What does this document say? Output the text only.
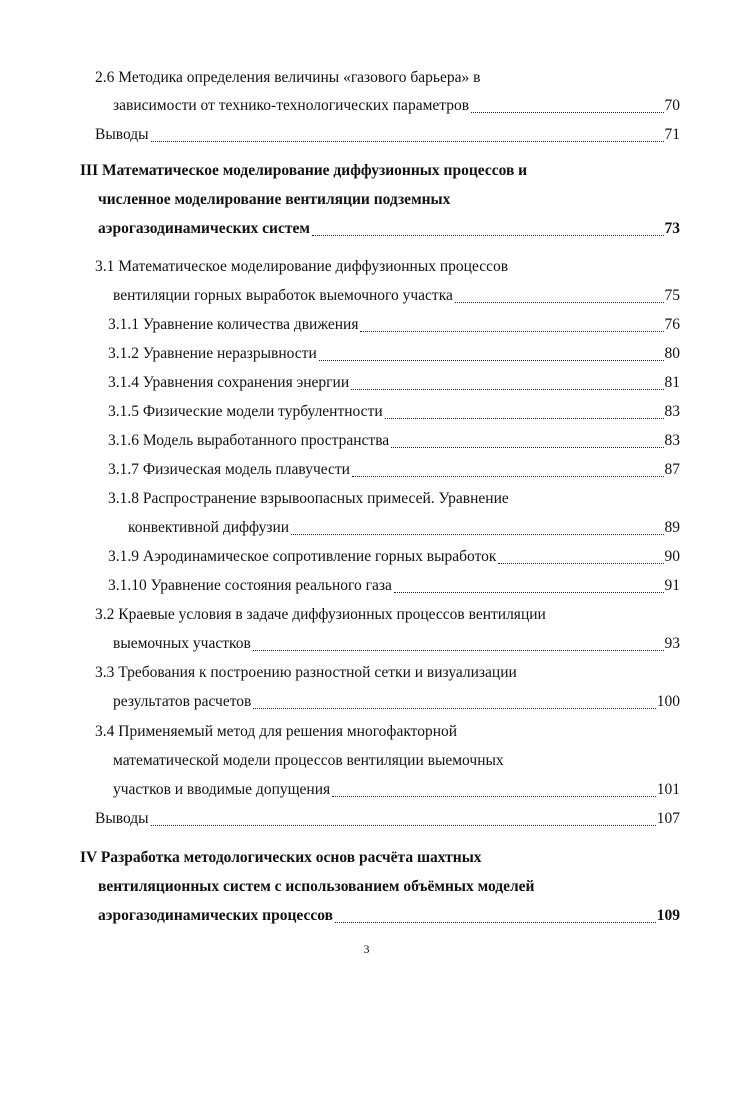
2.6 Методика определения величины «газового барьера» в
зависимости от технико-технологических параметров	70
Выводы	71
III Математическое моделирование диффузионных процессов и
численное моделирование вентиляции подземных
аэрогазодинамических систем	73
3.1 Математическое моделирование диффузионных процессов
вентиляции горных выработок выемочного участка	75
3.1.1 Уравнение количества движения	76
3.1.2 Уравнение неразрывности	80
3.1.4 Уравнения сохранения энергии	81
3.1.5 Физические модели турбулентности	83
3.1.6 Модель выработанного пространства	83
3.1.7 Физическая модель плавучести	87
3.1.8 Распространение взрывоопасных примесей. Уравнение
конвективной диффузии	89
3.1.9 Аэродинамическое сопротивление горных выработок	90
3.1.10 Уравнение состояния реального газа	91
3.2 Краевые условия в задаче диффузионных процессов вентиляции
выемочных участков	93
3.3 Требования к построению разностной сетки и визуализации
результатов расчетов	100
3.4 Применяемый метод для решения многофакторной
математической модели процессов вентиляции выемочных
участков и вводимые допущения	101
Выводы	107
IV Разработка методологических основ расчёта шахтных
вентиляционных систем с использованием объёмных моделей
аэрогазодинамических процессов	109
3
